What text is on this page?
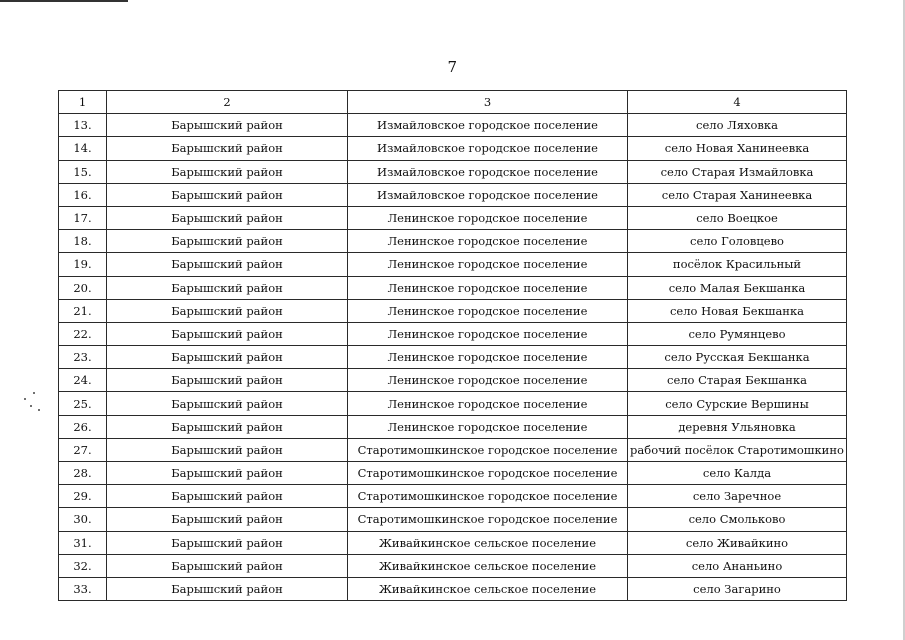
7
1	2	3	4
13.	Барышский район	Измайловское городское поселение	село Ляховка
14.	Барышский район	Измайловское городское поселение	село Новая Ханинеевка
15.	Барышский район	Измайловское городское поселение	село Старая Измайловка
16.	Барышский район	Измайловское городское поселение	село Старая Ханинеевка
17.	Барышский район	Ленинское городское поселение	село Воецкое
18.	Барышский район	Ленинское городское поселение	село Головцево
19.	Барышский район	Ленинское городское поселение	посёлок Красильный
20.	Барышский район	Ленинское городское поселение	село Малая Бекшанка
21.	Барышский район	Ленинское городское поселение	село Новая Бекшанка
22.	Барышский район	Ленинское городское поселение	село Румянцево
23.	Барышский район	Ленинское городское поселение	село Русская Бекшанка
24.	Барышский район	Ленинское городское поселение	село Старая Бекшанка
25.	Барышский район	Ленинское городское поселение	село Сурские Вершины
26.	Барышский район	Ленинское городское поселение	деревня Ульяновка
27.	Барышский район	Старотимошкинское городское поселение	рабочий посёлок Старотимошкино
28.	Барышский район	Старотимошкинское городское поселение	село Калда
29.	Барышский район	Старотимошкинское городское поселение	село Заречное
30.	Барышский район	Старотимошкинское городское поселение	село Смольково
31.	Барышский район	Живайкинское сельское поселение	село Живайкино
32.	Барышский район	Живайкинское сельское поселение	село Ананьино
33.	Барышский район	Живайкинское сельское поселение	село Загарино
